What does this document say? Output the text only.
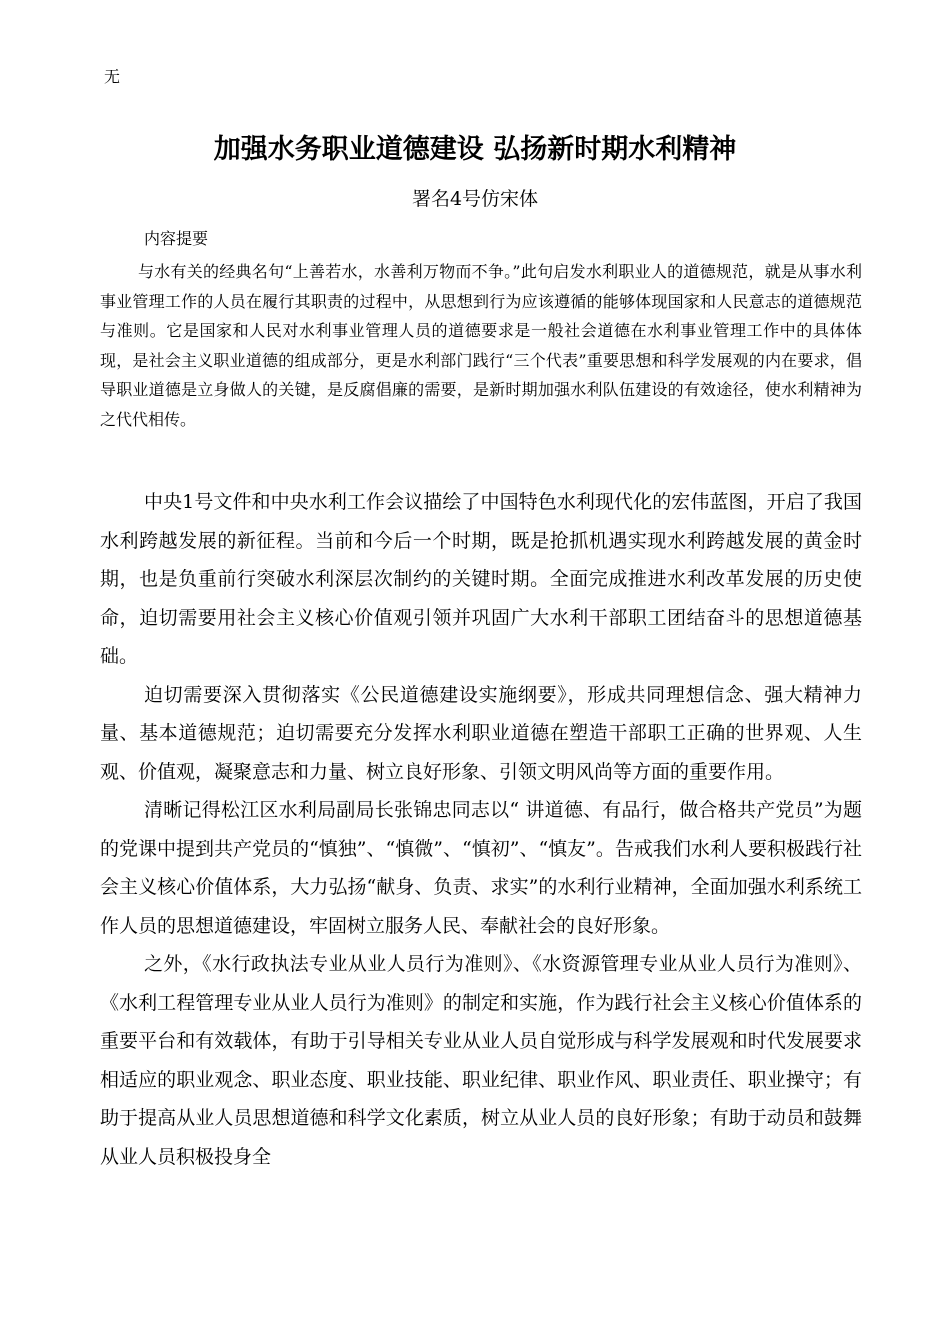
无
加强水务职业道德建设 弘扬新时期水利精神
署名4号仿宋体
内容提要

与水有关的经典名句“上善若水，水善利万物而不争。”此句启发水利职业人的道德规范，就是从事水利事业管理工作的人员在履行其职责的过程中，从思想到行为应该遵循的能够体现国家和人民意志的道德规范与准则。它是国家和人民对水利事业管理人员的道德要求是一般社会道德在水利事业管理工作中的具体体现，是社会主义职业道德的组成部分，更是水利部门践行“三个代表”重要思想和科学发展观的内在要求，倡导职业道德是立身做人的关键，是反腐倡廉的需要，是新时期加强水利队伍建设的有效途径，使水利精神为之代代相传。

中央1号文件和中央水利工作会议描绘了中国特色水利现代化的宏伟蓝图，开启了我国水利跨越发展的新征程。当前和今后一个时期，既是抢抓机遇实现水利跨越发展的黄金时期，也是负重前行突破水利深层次制约的关键时期。全面完成推进水利改革发展的历史使命，迫切需要用社会主义核心价值观引领并巩固广大水利干部职工团结奋斗的思想道德基础。

迫切需要深入贯彻落实《公民道德建设实施纲要》，形成共同理想信念、强大精神力量、基本道德规范；迫切需要充分发挥水利职业道德在塑造干部职工正确的世界观、人生观、价值观，凝聚意志和力量、树立良好形象、引领文明风尚等方面的重要作用。

清晰记得松江区水利局副局长张锦忠同志以“ 讲道德、有品行，做合格共产党员”为题的党课中提到共产党员的“慎独”、“慎微”、“慎初”、“慎友”。告戒我们水利人要积极践行社会主义核心价值体系，大力弘扬“献身、负责、求实”的水利行业精神，全面加强水利系统工作人员的思想道德建设，牢固树立服务人民、奉献社会的良好形象。

之外，《水行政执法专业从业人员行为准则》、《水资源管理专业从业人员行为准则》、《水利工程管理专业从业人员行为准则》的制定和实施，作为践行社会主义核心价值体系的重要平台和有效载体，有助于引导相关专业从业人员自觉形成与科学发展观和时代发展要求相适应的职业观念、职业态度、职业技能、职业纪律、职业作风、职业责任、职业操守；有助于提高从业人员思想道德和科学文化素质，树立从业人员的良好形象；有助于动员和鼓舞从业人员积极投身全
